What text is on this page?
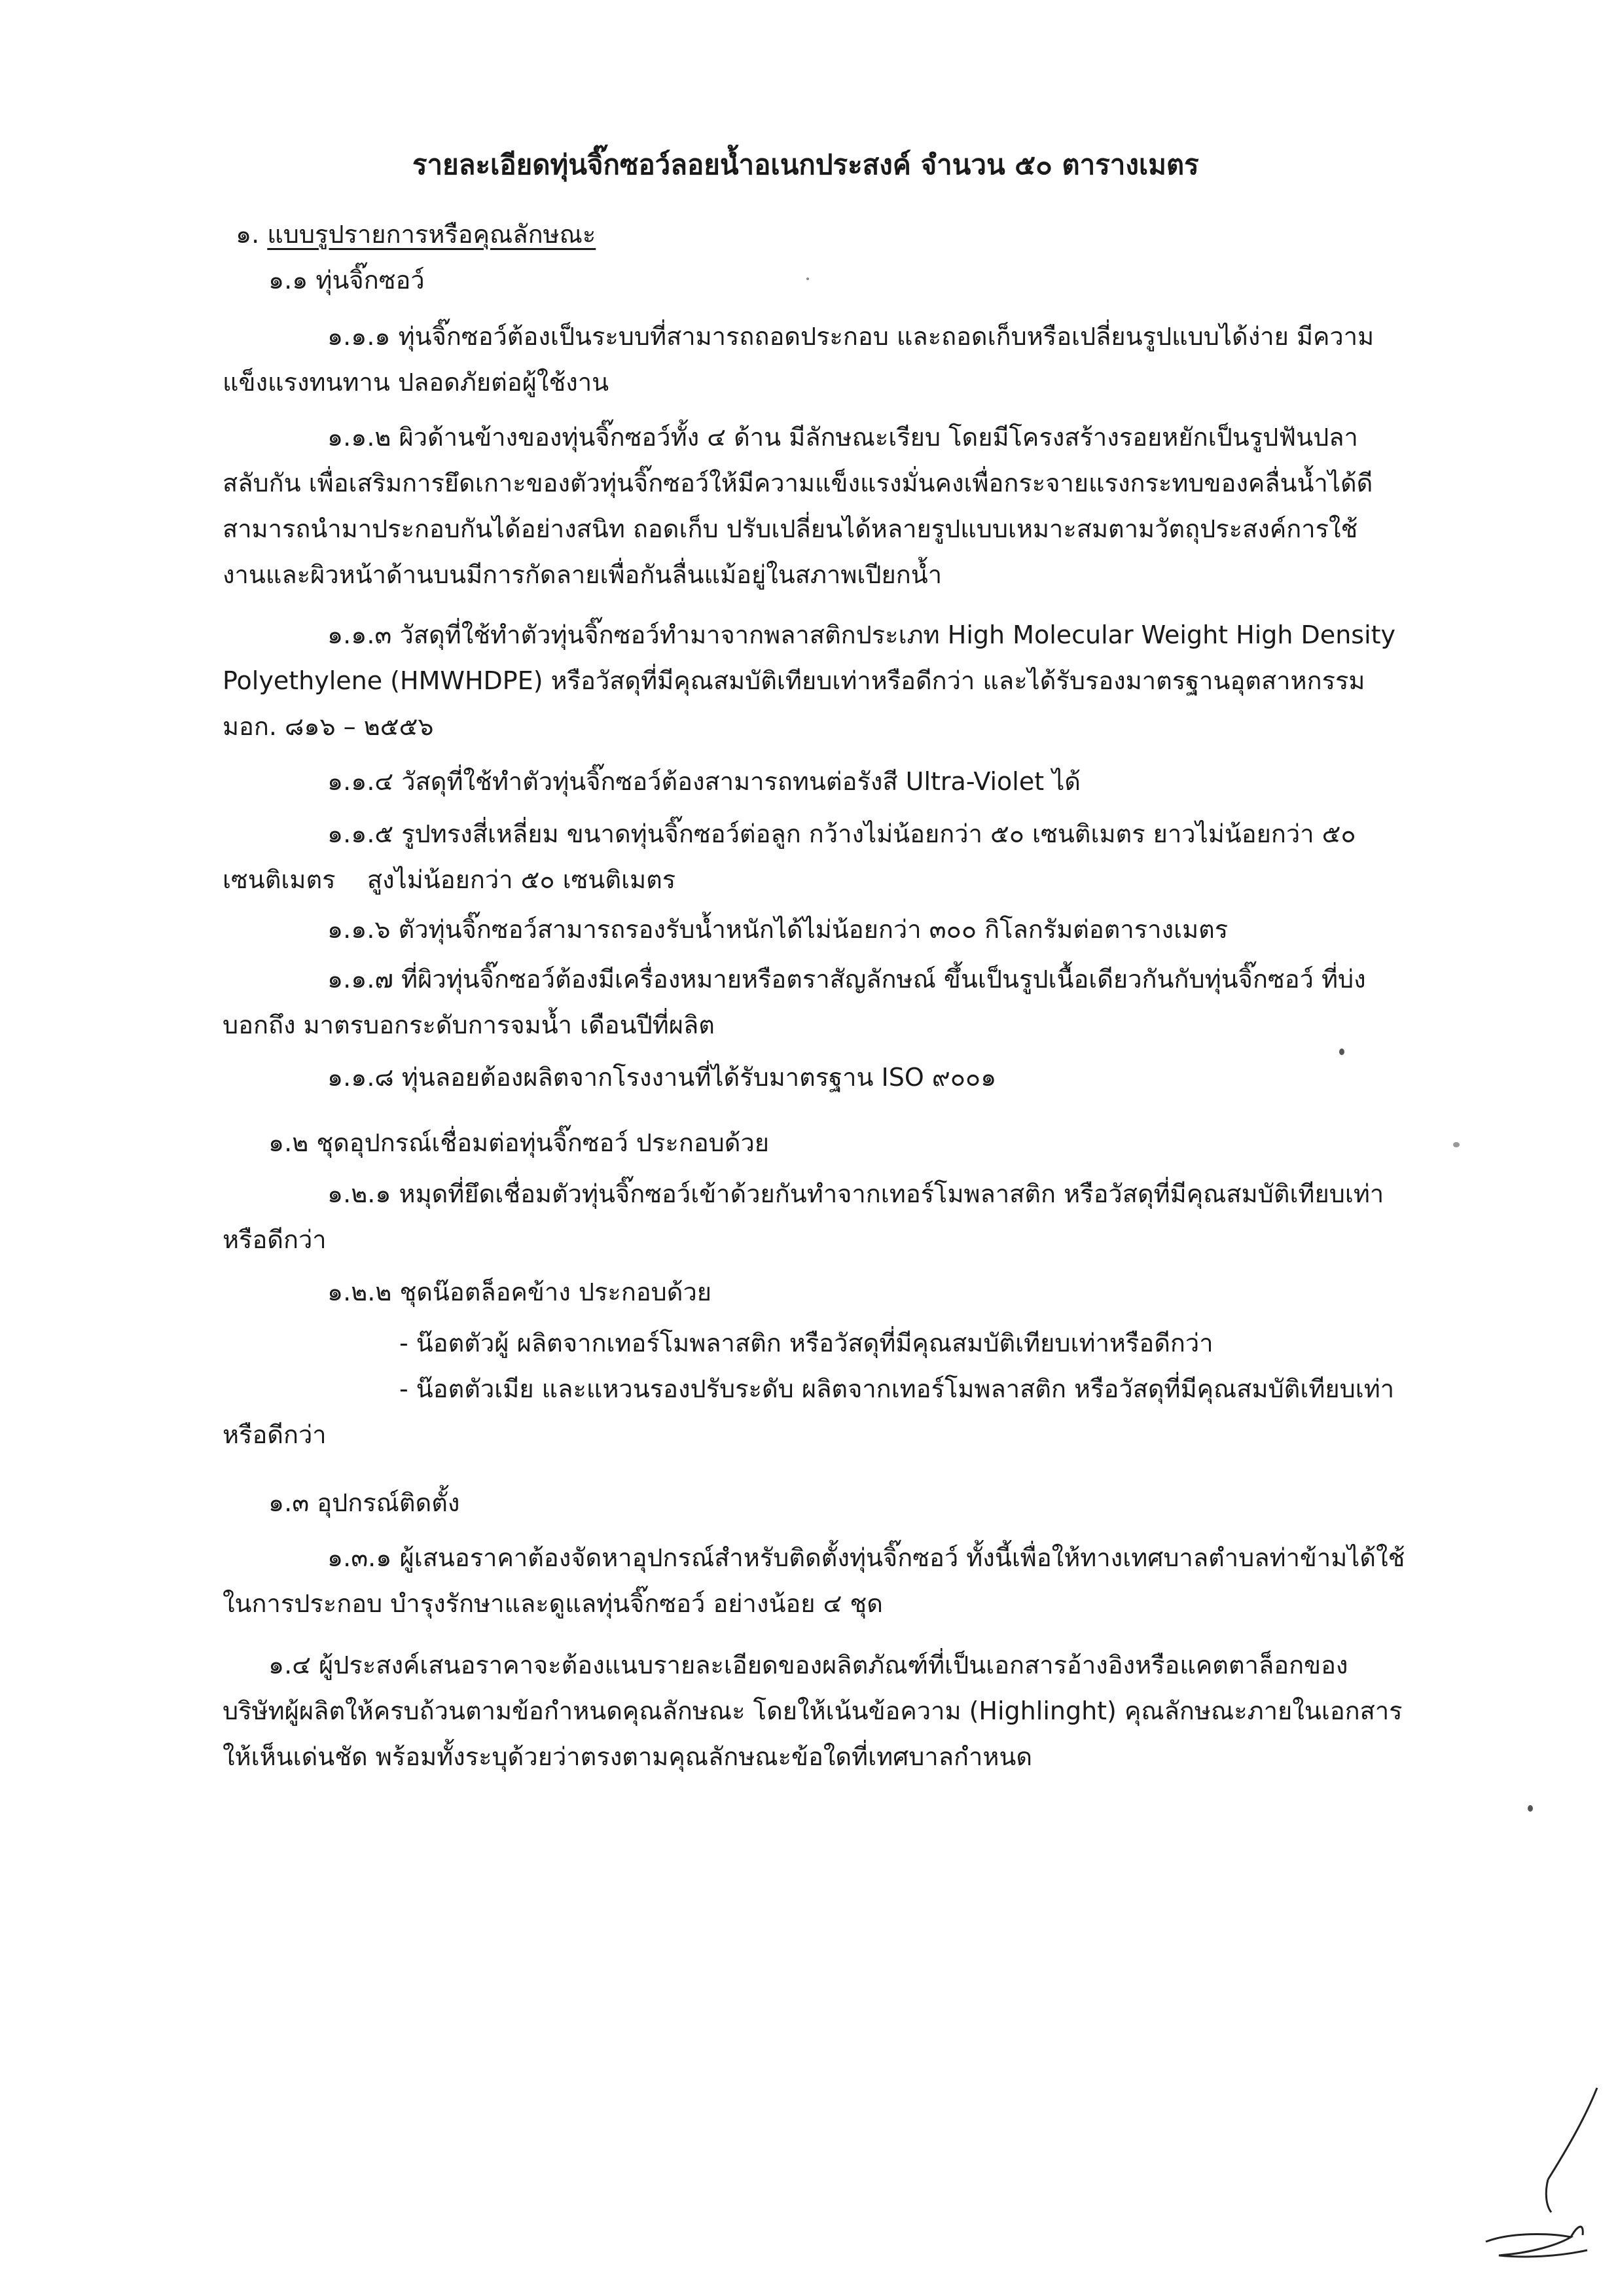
รายละเอียดทุ่นจิ๊กซอว์ลอยน้ำอเนกประสงค์ จำนวน ๕๐ ตารางเมตร
๑. แบบรูปรายการหรือคุณลักษณะ
๑.๑ ทุ่นจิ๊กซอว์
๑.๑.๑ ทุ่นจิ๊กซอว์ต้องเป็นระบบที่สามารถถอดประกอบ และถอดเก็บหรือเปลี่ยนรูปแบบได้ง่าย มีความ
แข็งแรงทนทาน ปลอดภัยต่อผู้ใช้งาน
๑.๑.๒ ผิวด้านข้างของทุ่นจิ๊กซอว์ทั้ง ๔ ด้าน มีลักษณะเรียบ โดยมีโครงสร้างรอยหยักเป็นรูปฟันปลา
สลับกัน เพื่อเสริมการยึดเกาะของตัวทุ่นจิ๊กซอว์ให้มีความแข็งแรงมั่นคงเพื่อกระจายแรงกระทบของคลื่นน้ำได้ดี
สามารถนำมาประกอบกันได้อย่างสนิท ถอดเก็บ ปรับเปลี่ยนได้หลายรูปแบบเหมาะสมตามวัตถุประสงค์การใช้
งานและผิวหน้าด้านบนมีการกัดลายเพื่อกันลื่นแม้อยู่ในสภาพเปียกน้ำ
๑.๑.๓ วัสดุที่ใช้ทำตัวทุ่นจิ๊กซอว์ทำมาจากพลาสติกประเภท High Molecular Weight High Density
Polyethylene (HMWHDPE) หรือวัสดุที่มีคุณสมบัติเทียบเท่าหรือดีกว่า และได้รับรองมาตรฐานอุตสาหกรรม
มอก. ๘๑๖ – ๒๕๕๖
๑.๑.๔ วัสดุที่ใช้ทำตัวทุ่นจิ๊กซอว์ต้องสามารถทนต่อรังสี Ultra-Violet ได้
๑.๑.๕ รูปทรงสี่เหลี่ยม ขนาดทุ่นจิ๊กซอว์ต่อลูก กว้างไม่น้อยกว่า ๕๐ เซนติเมตร ยาวไม่น้อยกว่า ๕๐
เซนติเมตร    สูงไม่น้อยกว่า ๕๐ เซนติเมตร
๑.๑.๖ ตัวทุ่นจิ๊กซอว์สามารถรองรับน้ำหนักได้ไม่น้อยกว่า ๓๐๐ กิโลกรัมต่อตารางเมตร
๑.๑.๗ ที่ผิวทุ่นจิ๊กซอว์ต้องมีเครื่องหมายหรือตราสัญลักษณ์ ขึ้นเป็นรูปเนื้อเดียวกันกับทุ่นจิ๊กซอว์ ที่บ่ง
บอกถึง มาตรบอกระดับการจมน้ำ เดือนปีที่ผลิต
๑.๑.๘ ทุ่นลอยต้องผลิตจากโรงงานที่ได้รับมาตรฐาน ISO ๙๐๐๑
๑.๒ ชุดอุปกรณ์เชื่อมต่อทุ่นจิ๊กซอว์ ประกอบด้วย
๑.๒.๑ หมุดที่ยึดเชื่อมตัวทุ่นจิ๊กซอว์เข้าด้วยกันทำจากเทอร์โมพลาสติก หรือวัสดุที่มีคุณสมบัติเทียบเท่า
หรือดีกว่า
๑.๒.๒ ชุดน๊อตล็อคข้าง ประกอบด้วย
- น๊อตตัวผู้ ผลิตจากเทอร์โมพลาสติก หรือวัสดุที่มีคุณสมบัติเทียบเท่าหรือดีกว่า
- น๊อตตัวเมีย และแหวนรองปรับระดับ ผลิตจากเทอร์โมพลาสติก หรือวัสดุที่มีคุณสมบัติเทียบเท่า
หรือดีกว่า
๑.๓ อุปกรณ์ติดตั้ง
๑.๓.๑ ผู้เสนอราคาต้องจัดหาอุปกรณ์สำหรับติดตั้งทุ่นจิ๊กซอว์ ทั้งนี้เพื่อให้ทางเทศบาลตำบลท่าข้ามได้ใช้
ในการประกอบ บำรุงรักษาและดูแลทุ่นจิ๊กซอว์ อย่างน้อย ๔ ชุด
๑.๔ ผู้ประสงค์เสนอราคาจะต้องแนบรายละเอียดของผลิตภัณฑ์ที่เป็นเอกสารอ้างอิงหรือแคตตาล็อกของ
บริษัทผู้ผลิตให้ครบถ้วนตามข้อกำหนดคุณลักษณะ โดยให้เน้นข้อความ (Highlinght) คุณลักษณะภายในเอกสาร
ให้เห็นเด่นชัด พร้อมทั้งระบุด้วยว่าตรงตามคุณลักษณะข้อใดที่เทศบาลกำหนด
